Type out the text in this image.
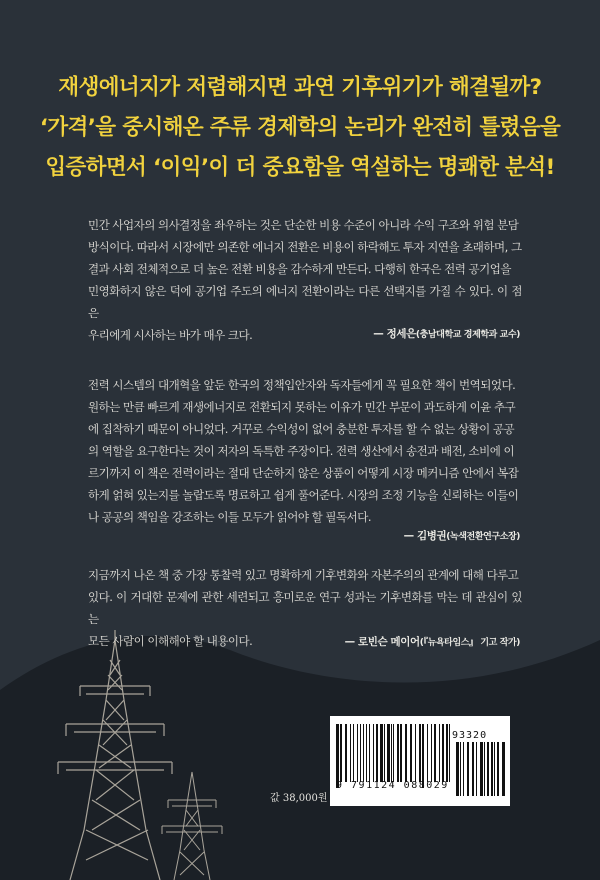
재생에너지가 저렴해지면 과연 기후위기가 해결될까?
‘가격’을 중시해온 주류 경제학의 논리가 완전히 틀렸음을
입증하면서 ‘이익’이 더 중요함을 역설하는 명쾌한 분석!
민간 사업자의 의사결정을 좌우하는 것은 단순한 비용 수준이 아니라 수익 구조와 위험 분담
방식이다. 따라서 시장에만 의존한 에너지 전환은 비용이 하락해도 투자 지연을 초래하며, 그
결과 사회 전체적으로 더 높은 전환 비용을 감수하게 만든다. 다행히 한국은 전력 공기업을
민영화하지 않은 덕에 공기업 주도의 에너지 전환이라는 다른 선택지를 가질 수 있다. 이 점은
우리에게 시사하는 바가 매우 크다.	— 정세은(충남대학교 경제학과 교수)
전력 시스템의 대개혁을 앞둔 한국의 정책입안자와 독자들에게 꼭 필요한 책이 번역되었다.
원하는 만큼 빠르게 재생에너지로 전환되지 못하는 이유가 민간 부문이 과도하게 이윤 추구
에 집착하기 때문이 아니었다. 거꾸로 수익성이 없어 충분한 투자를 할 수 없는 상황이 공공
의 역할을 요구한다는 것이 저자의 독특한 주장이다. 전력 생산에서 송전과 배전, 소비에 이
르기까지 이 책은 전력이라는 절대 단순하지 않은 상품이 어떻게 시장 메커니즘 안에서 복잡
하게 얽혀 있는지를 놀랍도록 명료하고 쉽게 풀어준다. 시장의 조정 기능을 신뢰하는 이들이
나 공공의 책임을 강조하는 이들 모두가 읽어야 할 필독서다.
— 김병권(녹색전환연구소장)
지금까지 나온 책 중 가장 통찰력 있고 명확하게 기후변화와 자본주의의 관계에 대해 다루고
있다. 이 거대한 문제에 관한 세련되고 흥미로운 연구 성과는 기후변화를 막는 데 관심이 있는
모든 사람이 이해해야 할 내용이다.	— 로빈슨 메이어(『뉴욕타임스』 기고 작가)
93320
9 791124 088029
값 38,000원
